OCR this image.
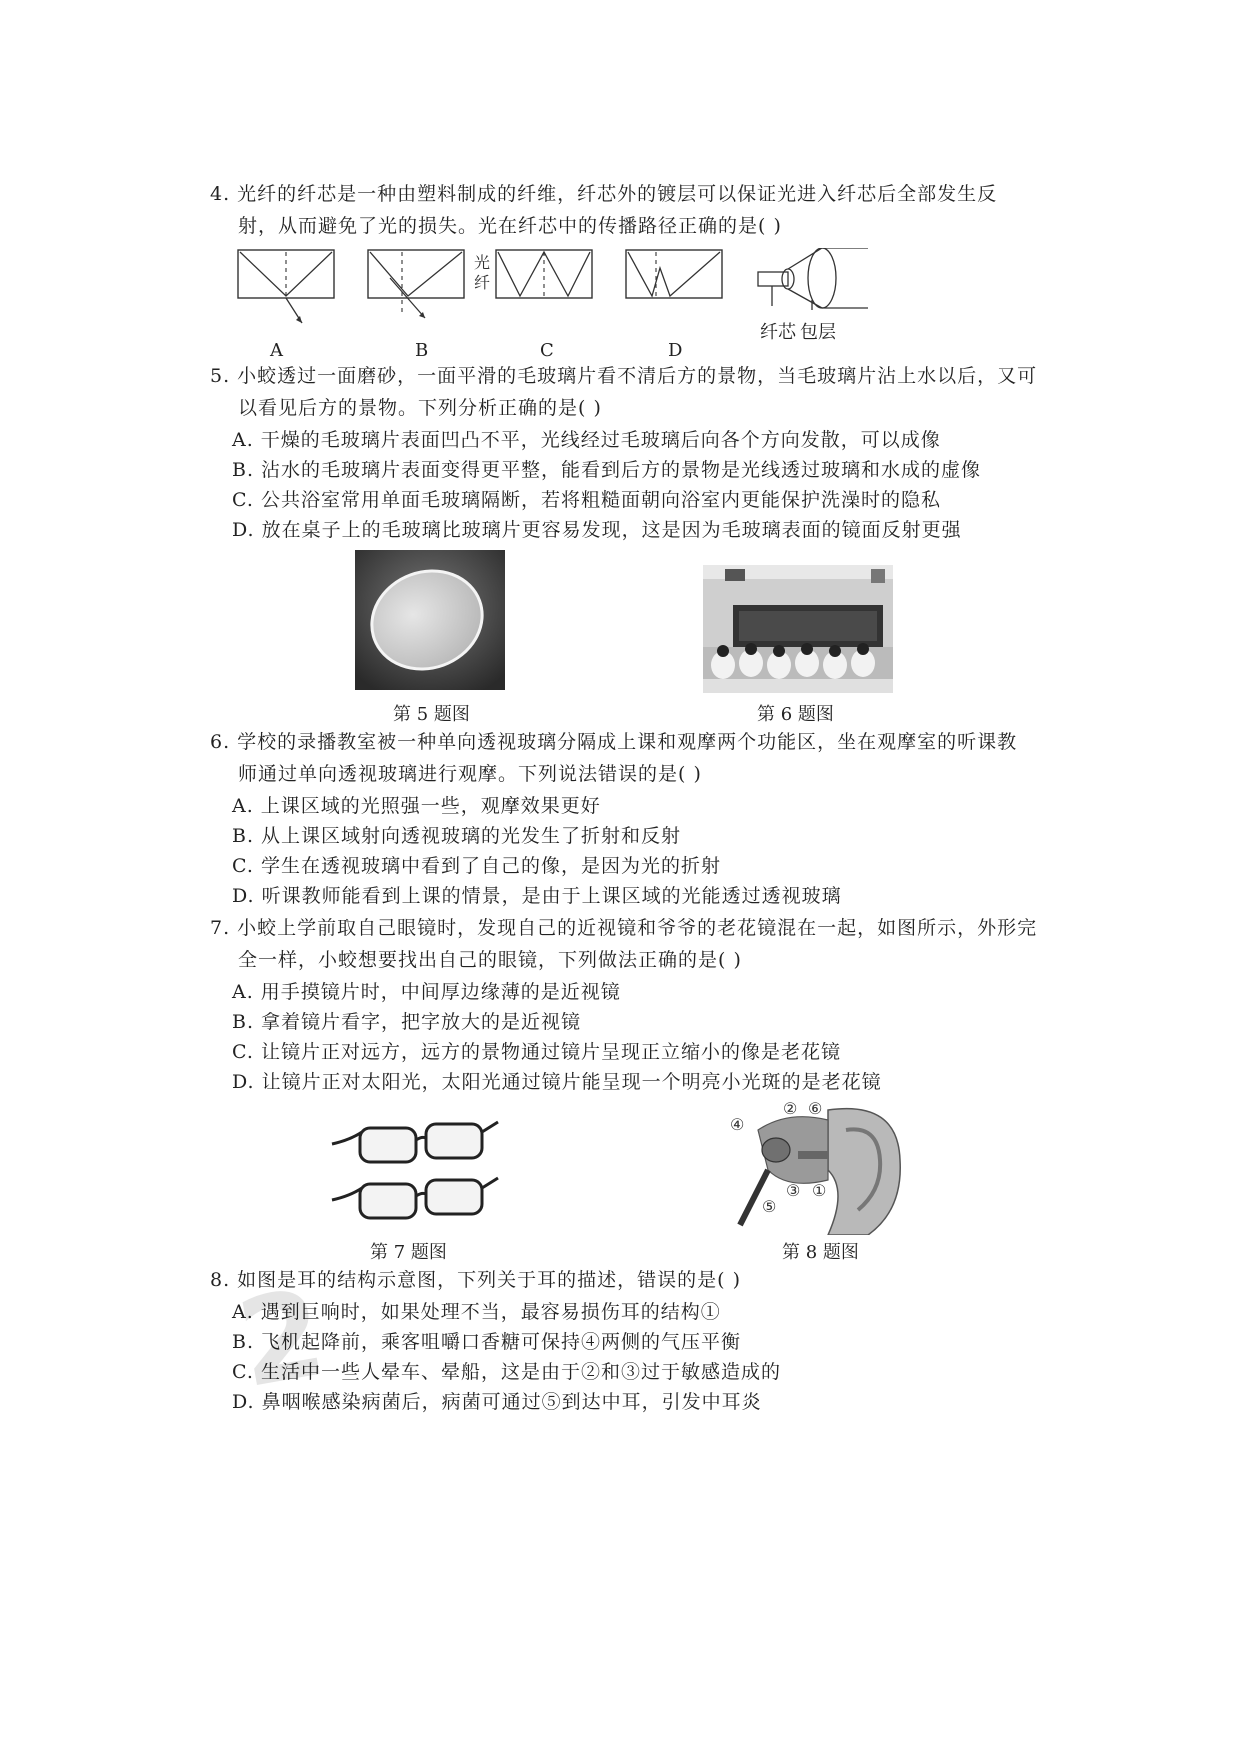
4. 光纤的纤芯是一种由塑料制成的纤维，纤芯外的镀层可以保证光进入纤芯后全部发生反
射，从而避免了光的损失。光在纤芯中的传播路径正确的是( )
光
纤
A	B	C	D
纤芯 包层
5. 小蛟透过一面磨砂，一面平滑的毛玻璃片看不清后方的景物，当毛玻璃片沾上水以后，又可
以看见后方的景物。下列分析正确的是( )
A. 干燥的毛玻璃片表面凹凸不平，光线经过毛玻璃后向各个方向发散，可以成像
B. 沾水的毛玻璃片表面变得更平整，能看到后方的景物是光线透过玻璃和水成的虚像
C. 公共浴室常用单面毛玻璃隔断，若将粗糙面朝向浴室内更能保护洗澡时的隐私
D. 放在桌子上的毛玻璃比玻璃片更容易发现，这是因为毛玻璃表面的镜面反射更强
第 5 题图	第 6 题图
6. 学校的录播教室被一种单向透视玻璃分隔成上课和观摩两个功能区，坐在观摩室的听课教
师通过单向透视玻璃进行观摩。下列说法错误的是( )
A. 上课区域的光照强一些，观摩效果更好
B. 从上课区域射向透视玻璃的光发生了折射和反射
C. 学生在透视玻璃中看到了自己的像，是因为光的折射
D. 听课教师能看到上课的情景，是由于上课区域的光能透过透视玻璃
7. 小蛟上学前取自己眼镜时，发现自己的近视镜和爷爷的老花镜混在一起，如图所示，外形完
全一样，小蛟想要找出自己的眼镜，下列做法正确的是( )
A. 用手摸镜片时，中间厚边缘薄的是近视镜
B. 拿着镜片看字，把字放大的是近视镜
C. 让镜片正对远方，远方的景物通过镜片呈现正立缩小的像是老花镜
D. 让镜片正对太阳光，太阳光通过镜片能呈现一个明亮小光斑的是老花镜
第 7 题图
② ⑥
④
③ ①
⑤
第 8 题图
8. 如图是耳的结构示意图，下列关于耳的描述，错误的是( )
A. 遇到巨响时，如果处理不当，最容易损伤耳的结构①
B. 飞机起降前，乘客咀嚼口香糖可保持④两侧的气压平衡
C. 生活中一些人晕车、晕船，这是由于②和③过于敏感造成的
D. 鼻咽喉感染病菌后，病菌可通过⑤到达中耳，引发中耳炎
2
